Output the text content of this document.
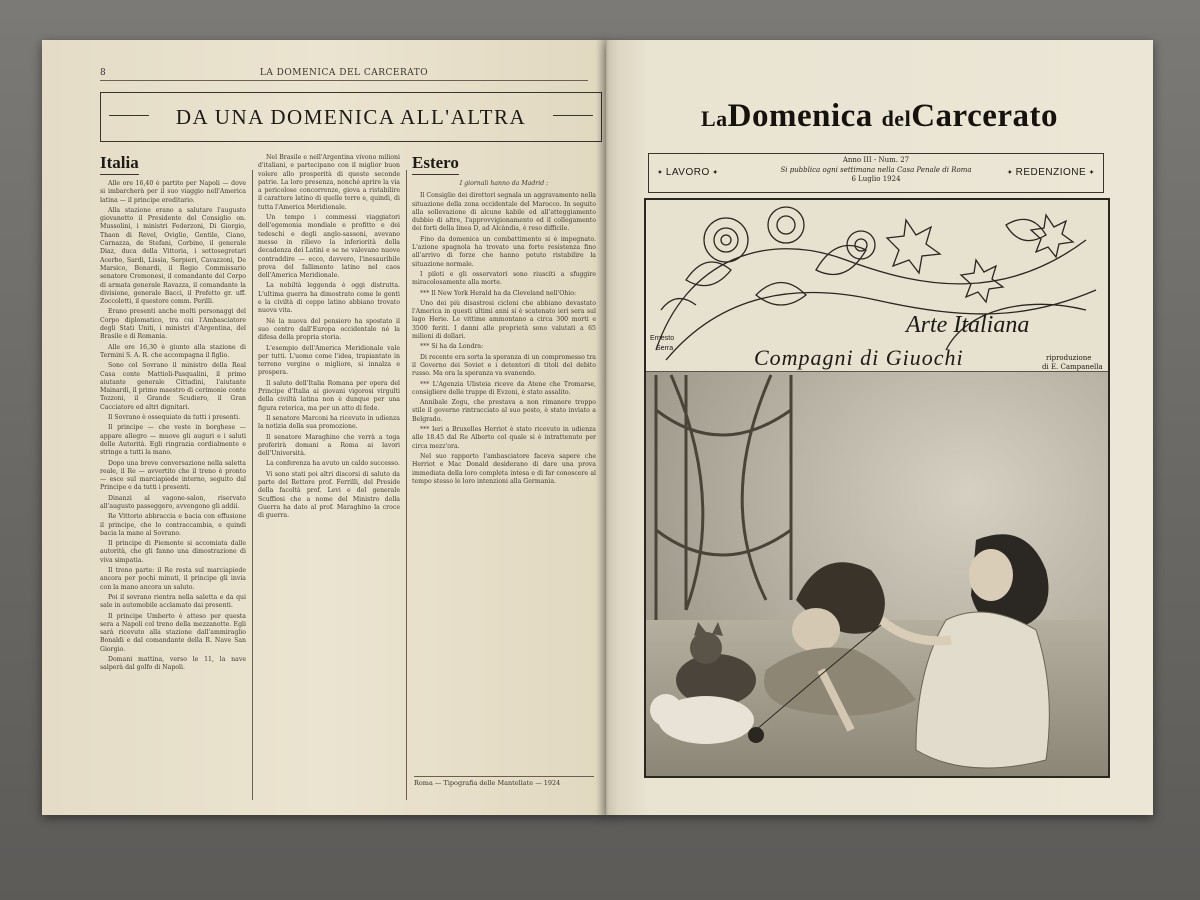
8	LA DOMENICA DEL CARCERATO
DA UNA DOMENICA ALL'ALTRA
Italia	Estero

Alle ore 16,40 è partito per Napoli — dove si imbarcherà per il suo viaggio nell'America latina — il principe ereditario.

Alla stazione erano a salutare l'augusto giovanetto il Presidente del Consiglio on. Mussolini, i ministri Federzoni, Di Giorgio, Thaon di Revel, Oviglio, Gentile, Ciano, Carnazza, de Stefani, Corbino, il generale Diaz, duca della Vittoria, i sottosegretari Acerbo, Sardi, Lissia, Serpieri, Cavazzoni, De Marsico, Bonardi, il Regio Commissario senatore Cremonesi, il comandante del Corpo di armata generale Ravazza, il comandante la divisione, generale Bacci, il Prefetto gr. uff. Zoccoletti, il questore comm. Perilli.

Erano presenti anche molti personaggi del Corpo diplomatico, tra cui l'Ambasciatore degli Stati Uniti, i ministri d'Argentina, del Brasile e di Romania.

Alle ore 16,30 è giunto alla stazione di Termini S. A. R. che accompagna il figlio.

Sono col Sovrano il ministro della Real Casa conte Mattioli-Pasqualini, il primo aiutante generale Cittadini, l'aiutante Mainardi, il primo maestro di cerimonie conte Tozzoni, il Grande Scudiero, il Gran Cacciatore ed altri dignitari.

Il Sovrano è ossequiato da tutti i presenti.

Il principe — che veste in borghese — appare allegro — muove gli auguri e i saluti delle Autorità. Egli ringrazia cordialmente e stringe a tutti la mano.

Dopo una breve conversazione nella saletta reale, il Re — avvertito che il treno è pronto — esce sul marciapiede interno, seguito dal Principe e da tutti i presenti.

Dinanzi al vagone-salon, riservato all'augusto passeggero, avvengono gli addii.

Re Vittorio abbraccia e bacia con effusione il principe, che lo contraccambia, e quindi bacia la mano al Sovrano.

Il principe di Piemonte si accomiata dalle autorità, che gli fanno una dimostrazione di viva simpatia.

Il treno parte: il Re resta sul marciapiede ancora per pochi minuti, il principe gli invia con la mano ancora un saluto.

Poi il sovrano rientra nella saletta e da qui sale in automobile acclamato dai presenti.

Il principe Umberto è atteso per questa sera a Napoli col treno della mezzanotte. Egli sarà ricevuto alla stazione dall'ammiraglio Bonaldi e dal comandante della R. Nave San Giorgio.

Domani mattina, verso le 11, la nave salperà dal golfo di Napoli.

Nel Brasile e nell'Argentina vivono milioni d'italiani, e partecipano con il miglior buon volere allo prosperità di queste seconde patrie. La loro presenza, nonché aprire la via a pericolose concorrenze, giova a ristabilire il carattere latino di quelle terre e, quindi, di tutta l'America Meridionale.

Un tempo i commessi viaggiatori dell'egemonia mondiale e profitto e dei tedeschi e degli anglo-sassoni, avevano messo in rilievo la inferiorità della decadenza dei Latini e se ne valevano nuove contraddire — ecco, davvero, l'inesauribile prova del fallimento latino nel caos dell'America Meridionale.

La nobiltà leggenda è oggi distrutta. L'ultima guerra ha dimostrato come le genti e la civiltà di ceppo latino abbiano trovato nuova vita.

Né la nuova del pensiero ha spostato il suo centro dall'Europa occidentale né la difesa della propria storia.

L'esempio dell'America Meridionale vale per tutti. L'uomo come l'idea, trapiantato in terreno vergine o migliore, si innalza e prospera.

Il saluto dell'Italia Romana per opera del Principe d'Italia ai giovani vigorosi virgulti della civiltà latina non è dunque per una figura retorica, ma per un atto di fede.

Il senatore Marconi ha ricevuto in udienza la notizia della sua promozione.

Il senatore Maraghino che verrà a toga proferirà domani a Roma ai lavori dell'Università.

La conferenza ha avuto un caldo successo.

Vi sono stati poi altri discorsi di saluto da parte del Rettore prof. Ferrilli, del Preside della facoltà prof. Levi e del generale Scuffiosi che a nome del Ministro della Guerra ha dato al prof. Maraghino la croce di guerra.

I giornali hanno da Madrid :

Il Consiglio dei direttori segnala un aggravamento nella situazione della zona occidentale del Marocco. In seguito alla sollevazione di alcune kabile ed all'atteggiamento dubbio di altre, l'approvvigionamento ed il collegamento dei forti della linea D, ad Alcàndia, è reso difficile.

Fino da domenica un combattimento si è impegnato. L'azione spagnola ha trovato una forte resistenza fino all'arrivo di forze che hanno potuto ristabilire la situazione normale.

I piloti e gli osservatori sono riusciti a sfuggire miracolosamente alla morte.

*** Il New York Herald ha da Cleveland nell'Ohio:

Uno dei più disastrosi cicloni che abbiano devastato l'America in questi ultimi anni si è scatenato ieri sera sul lago Herie. Le vittime ammontano a circa 300 morti e 3500 feriti. I danni alle proprietà sono valutati a 65 milioni di dollari.

*** Si ha da Londra:

Di recente era sorta la speranza di un compromesso tra il Governo dei Soviet e i detentori di titoli del debito russo. Ma ora la speranza va svanendo.

*** L'Agenzia Ulisteia riceve da Atene che Tromarse, consigliere delle truppe di Evzoni, è stato assalito.

Annibale Zogu, che prestava a non rimanere troppo stile il governo rintracciato al suo posto, è stato inviato a Belgrado.

*** Ieri a Bruxelles Herriot è stato ricevuto in udienza alle 18.45 dal Re Alberto col quale si è intrattenuto per circa mezz'ora.

Nel suo rapporto l'ambasciatore faceva sapere che Herriot e Mac Donald desiderano di dare una prova immediata della loro completa intesa e di far conoscere al tempo stesso le loro intenzioni alla Germania.

Roma — Tipografia delle Mantellate — 1924
LaDomenica delCarcerato
✦ LAVORO ✦
Anno III - Num. 27
Si pubblica ogni settimana nella Casa Penale di Roma
6 Luglio 1924
✦ REDENZIONE ✦
Arte Italiana
Compagni di Giuochi
Ernesto
Serra
riproduzione
di E. Campanella
